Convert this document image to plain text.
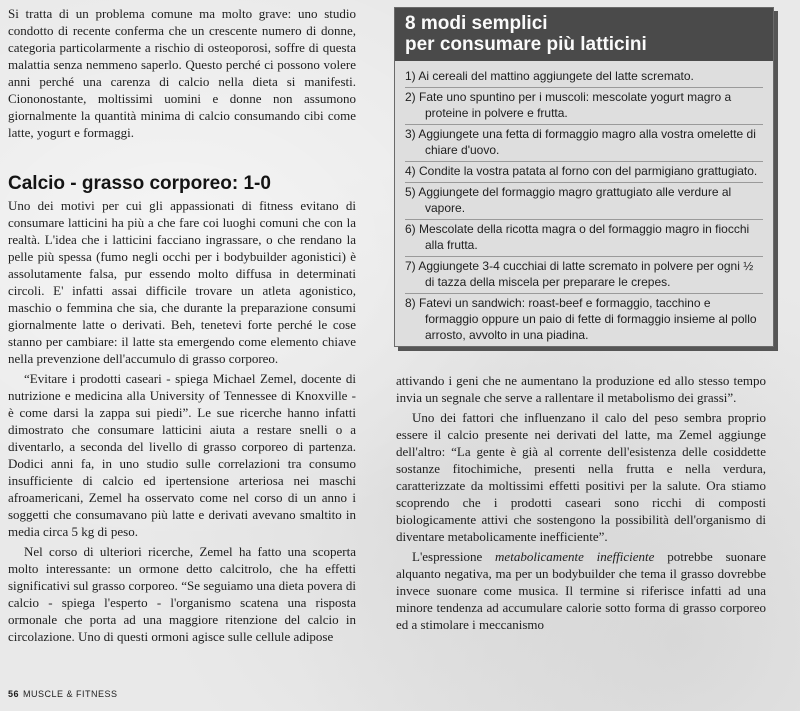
Si tratta di un problema comune ma molto grave: uno studio condotto di recente conferma che un crescente numero di donne, categoria particolarmente a rischio di osteoporosi, soffre di questa malattia senza nemmeno saperlo. Questo perché ci possono volere anni perché una carenza di calcio nella dieta si manifesti. Ciononostante, moltissimi uomini e donne non assumono giornalmente la quantità minima di calcio consumando cibi come latte, yogurt e formaggi.

Calcio - grasso corporeo: 1-0

Uno dei motivi per cui gli appassionati di fitness evitano di consumare latticini ha più a che fare coi luoghi comuni che con la realtà. L'idea che i latticini facciano ingrassare, o che rendano la pelle più spessa (fumo negli occhi per i bodybuilder agonistici) è assolutamente falsa, pur essendo molto diffusa in determinati circoli. E' infatti assai difficile trovare un atleta agonistico, maschio o femmina che sia, che durante la preparazione consumi giornalmente latte o derivati. Beh, tenetevi forte perché le cose stanno per cambiare: il latte sta emergendo come elemento chiave nella prevenzione dell'accumulo di grasso corporeo.

“Evitare i prodotti caseari - spiega Michael Zemel, docente di nutrizione e medicina alla University of Tennessee di Knoxville - è come darsi la zappa sui piedi”. Le sue ricerche hanno infatti dimostrato che consumare latticini aiuta a restare snelli o a diventarlo, a seconda del livello di grasso corporeo di partenza. Dodici anni fa, in uno studio sulle correlazioni tra consumo insufficiente di calcio ed ipertensione arteriosa nei maschi afroamericani, Zemel ha osservato come nel corso di un anno i soggetti che consumavano più latte e derivati avevano smaltito in media circa 5 kg di peso.

Nel corso di ulteriori ricerche, Zemel ha fatto una scoperta molto interessante: un ormone detto calcitrolo, che ha effetti significativi sul grasso corporeo. “Se seguiamo una dieta povera di calcio - spiega l'esperto - l'organismo scatena una risposta ormonale che porta ad una maggiore ritenzione del calcio in circolazione. Uno di questi ormoni agisce sulle cellule adipose

8 modi semplici
per consumare più latticini
1) Ai cereali del mattino aggiungete del latte scremato.
2) Fate uno spuntino per i muscoli: mescolate yogurt magro a proteine in polvere e frutta.
3) Aggiungete una fetta di formaggio magro alla vostra omelette di chiare d'uovo.
4) Condite la vostra patata al forno con del parmigiano grattugiato.
5) Aggiungete del formaggio magro grattugiato alle verdure al vapore.
6) Mescolate della ricotta magra o del formaggio magro in fiocchi alla frutta.
7) Aggiungete 3-4 cucchiai di latte scremato in polvere per ogni ½ di tazza della miscela per preparare le crepes.
8) Fatevi un sandwich: roast-beef e formaggio, tacchino e formaggio oppure un paio di fette di formaggio insieme al pollo arrosto, avvolto in una piadina.

attivando i geni che ne aumentano la produzione ed allo stesso tempo invia un segnale che serve a rallentare il metabolismo dei grassi”.

Uno dei fattori che influenzano il calo del peso sembra proprio essere il calcio presente nei derivati del latte, ma Zemel aggiunge dell'altro: “La gente è già al corrente dell'esistenza delle cosiddette sostanze fitochimiche, presenti nella frutta e nella verdura, caratterizzate da moltissimi effetti positivi per la salute. Ora stiamo scoprendo che i prodotti caseari sono ricchi di composti biologicamente attivi che sostengono la possibilità dell'organismo di diventare metabolicamente inefficiente”.

L'espressione metabolicamente inefficiente potrebbe suonare alquanto negativa, ma per un bodybuilder che tema il grasso dovrebbe invece suonare come musica. Il termine si riferisce infatti ad una minore tendenza ad accumulare calorie sotto forma di grasso corporeo ed a stimolare i meccanismo

56 MUSCLE & FITNESS
